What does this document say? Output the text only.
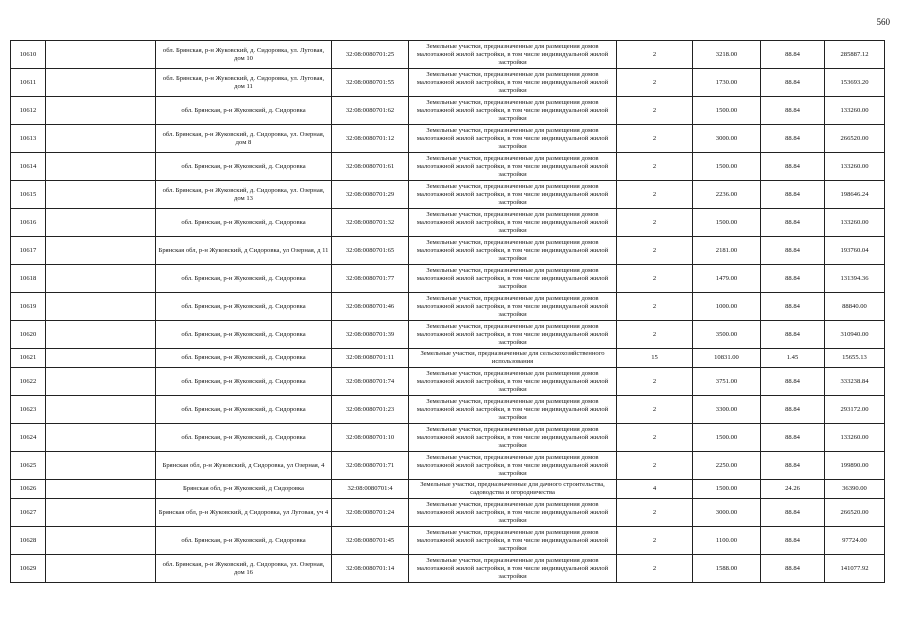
560
10610		обл. Брянская, р-н Жуковский, д. Сидоровка, ул. Луговая, дом 10	32:08:0080701:25	Земельные участки, предназначенные для размещения домов малоэтажной жилой застройки, в том числе индивидуальной жилой застройки	2	3218.00	88.84	285887.12
10611		обл. Брянская, р-н Жуковский, д. Сидоровка, ул. Луговая, дом 11	32:08:0080701:55	Земельные участки, предназначенные для размещения домов малоэтажной жилой застройки, в том числе индивидуальной жилой застройки	2	1730.00	88.84	153693.20
10612		обл. Брянская, р-н Жуковский, д. Сидоровка	32:08:0080701:62	Земельные участки, предназначенные для размещения домов малоэтажной жилой застройки, в том числе индивидуальной жилой застройки	2	1500.00	88.84	133260.00
10613		обл. Брянская, р-н Жуковский, д. Сидоровка, ул. Озерная, дом 8	32:08:0080701:12	Земельные участки, предназначенные для размещения домов малоэтажной жилой застройки, в том числе индивидуальной жилой застройки	2	3000.00	88.84	266520.00
10614		обл. Брянская, р-н Жуковский, д. Сидоровка	32:08:0080701:61	Земельные участки, предназначенные для размещения домов малоэтажной жилой застройки, в том числе индивидуальной жилой застройки	2	1500.00	88.84	133260.00
10615		обл. Брянская, р-н Жуковский, д. Сидоровка, ул. Озерная, дом 13	32:08:0080701:29	Земельные участки, предназначенные для размещения домов малоэтажной жилой застройки, в том числе индивидуальной жилой застройки	2	2236.00	88.84	198646.24
10616		обл. Брянская, р-н Жуковский, д. Сидоровка	32:08:0080701:32	Земельные участки, предназначенные для размещения домов малоэтажной жилой застройки, в том числе индивидуальной жилой застройки	2	1500.00	88.84	133260.00
10617		Брянская обл, р-н Жуковский, д Сидоровка, ул Озерная, д 11	32:08:0080701:65	Земельные участки, предназначенные для размещения домов малоэтажной жилой застройки, в том числе индивидуальной жилой застройки	2	2181.00	88.84	193760.04
10618		обл. Брянская, р-н Жуковский, д. Сидоровка	32:08:0080701:77	Земельные участки, предназначенные для размещения домов малоэтажной жилой застройки, в том числе индивидуальной жилой застройки	2	1479.00	88.84	131394.36
10619		обл. Брянская, р-н Жуковский, д. Сидоровка	32:08:0080701:46	Земельные участки, предназначенные для размещения домов малоэтажной жилой застройки, в том числе индивидуальной жилой застройки	2	1000.00	88.84	88840.00
10620		обл. Брянская, р-н Жуковский, д. Сидоровка	32:08:0080701:39	Земельные участки, предназначенные для размещения домов малоэтажной жилой застройки, в том числе индивидуальной жилой застройки	2	3500.00	88.84	310940.00
10621		обл. Брянская, р-н Жуковский, д. Сидоровка	32:08:0080701:11	Земельные участки, предназначенные для сельскохозяйственного использования	15	10831.00	1.45	15655.13
10622		обл. Брянская, р-н Жуковский, д. Сидоровка	32:08:0080701:74	Земельные участки, предназначенные для размещения домов малоэтажной жилой застройки, в том числе индивидуальной жилой застройки	2	3751.00	88.84	333238.84
10623		обл. Брянская, р-н Жуковский, д. Сидоровка	32:08:0080701:23	Земельные участки, предназначенные для размещения домов малоэтажной жилой застройки, в том числе индивидуальной жилой застройки	2	3300.00	88.84	293172.00
10624		обл. Брянская, р-н Жуковский, д. Сидоровка	32:08:0080701:10	Земельные участки, предназначенные для размещения домов малоэтажной жилой застройки, в том числе индивидуальной жилой застройки	2	1500.00	88.84	133260.00
10625		Брянская обл, р-н Жуковский, д Сидоровка, ул Озерная, 4	32:08:0080701:71	Земельные участки, предназначенные для размещения домов малоэтажной жилой застройки, в том числе индивидуальной жилой застройки	2	2250.00	88.84	199890.00
10626		Брянская обл, р-н Жуковский, д Сидоровка	32:08:0080701:4	Земельные участки, предназначенные для дачного строительства, садоводства и огородничества	4	1500.00	24.26	36390.00
10627		Брянская обл, р-н Жуковский, д Сидоровка, ул Луговая, уч 4	32:08:0080701:24	Земельные участки, предназначенные для размещения домов малоэтажной жилой застройки, в том числе индивидуальной жилой застройки	2	3000.00	88.84	266520.00
10628		обл. Брянская, р-н Жуковский, д. Сидоровка	32:08:0080701:45	Земельные участки, предназначенные для размещения домов малоэтажной жилой застройки, в том числе индивидуальной жилой застройки	2	1100.00	88.84	97724.00
10629		обл. Брянская, р-н Жуковский, д. Сидоровка, ул. Озерная, дом 16	32:08:0080701:14	Земельные участки, предназначенные для размещения домов малоэтажной жилой застройки, в том числе индивидуальной жилой застройки	2	1588.00	88.84	141077.92
